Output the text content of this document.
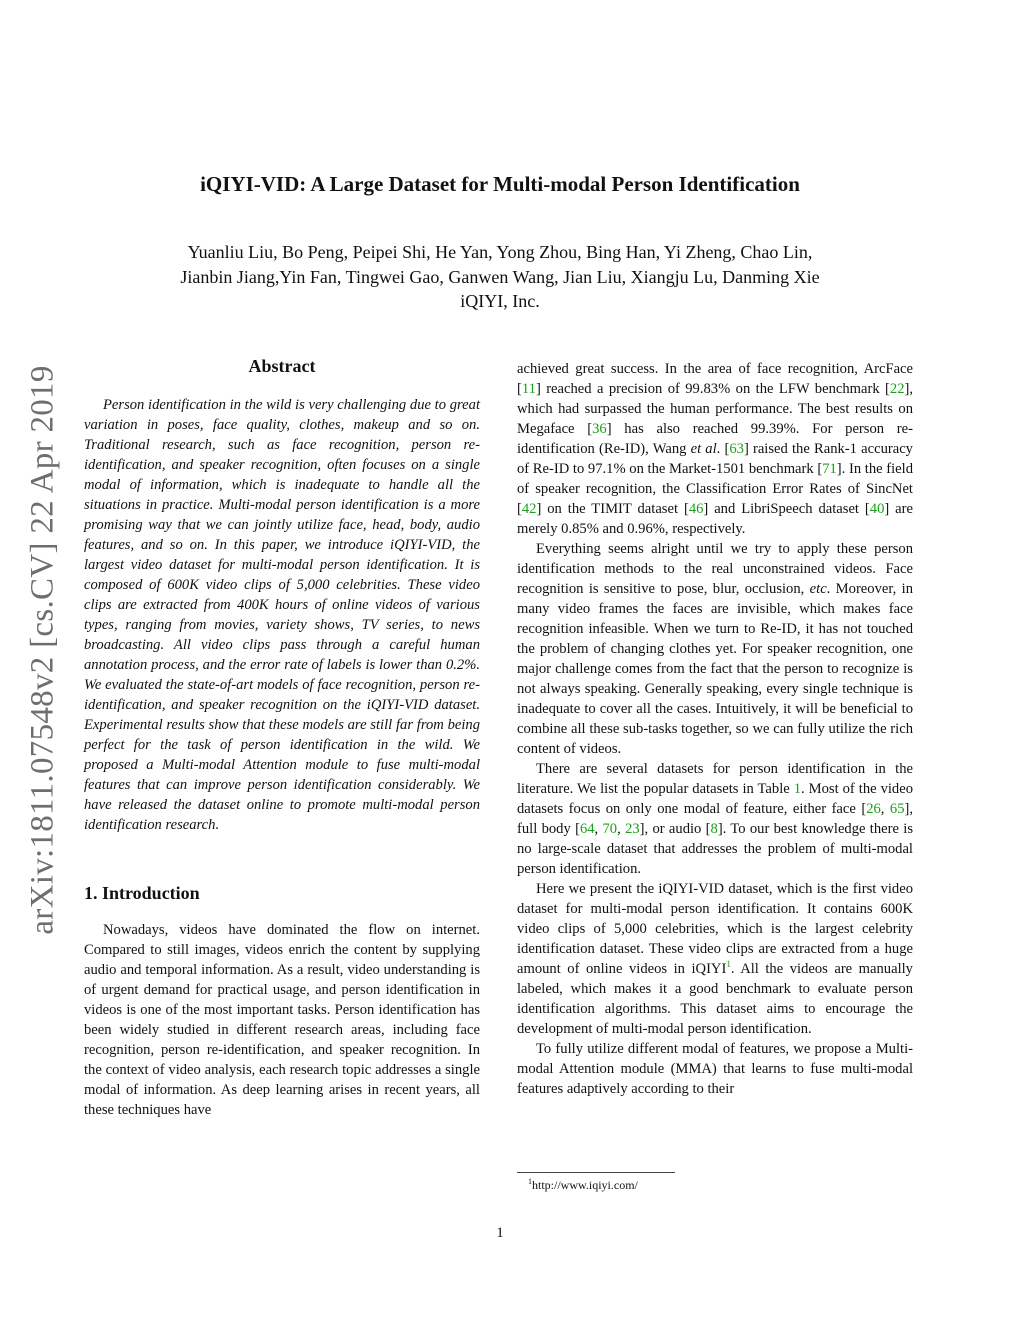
arXiv:1811.07548v2 [cs.CV] 22 Apr 2019
iQIYI-VID: A Large Dataset for Multi-modal Person Identification
Yuanliu Liu, Bo Peng, Peipei Shi, He Yan, Yong Zhou, Bing Han, Yi Zheng, Chao Lin,
Jianbin Jiang,Yin Fan, Tingwei Gao, Ganwen Wang, Jian Liu, Xiangju Lu, Danming Xie
iQIYI, Inc.
Abstract

Person identification in the wild is very challenging due to great variation in poses, face quality, clothes, makeup and so on. Traditional research, such as face recognition, person re-identification, and speaker recognition, often focuses on a single modal of information, which is inadequate to handle all the situations in practice. Multi-modal person identification is a more promising way that we can jointly utilize face, head, body, audio features, and so on. In this paper, we introduce iQIYI-VID, the largest video dataset for multi-modal person identification. It is composed of 600K video clips of 5,000 celebrities. These video clips are extracted from 400K hours of online videos of various types, ranging from movies, variety shows, TV series, to news broadcasting. All video clips pass through a careful human annotation process, and the error rate of labels is lower than 0.2%. We evaluated the state-of-art models of face recognition, person re-identification, and speaker recognition on the iQIYI-VID dataset. Experimental results show that these models are still far from being perfect for the task of person identification in the wild. We proposed a Multi-modal Attention module to fuse multi-modal features that can improve person identification considerably. We have released the dataset online to promote multi-modal person identification research.

1. Introduction

Nowadays, videos have dominated the flow on internet. Compared to still images, videos enrich the content by supplying audio and temporal information. As a result, video understanding is of urgent demand for practical usage, and person identification in videos is one of the most important tasks. Person identification has been widely studied in different research areas, including face recognition, person re-identification, and speaker recognition. In the context of video analysis, each research topic addresses a single modal of information. As deep learning arises in recent years, all these techniques have

achieved great success. In the area of face recognition, ArcFace [11] reached a precision of 99.83% on the LFW benchmark [22], which had surpassed the human performance. The best results on Megaface [36] has also reached 99.39%. For person re-identification (Re-ID), Wang et al. [63] raised the Rank-1 accuracy of Re-ID to 97.1% on the Market-1501 benchmark [71]. In the field of speaker recognition, the Classification Error Rates of SincNet [42] on the TIMIT dataset [46] and LibriSpeech dataset [40] are merely 0.85% and 0.96%, respectively.

Everything seems alright until we try to apply these person identification methods to the real unconstrained videos. Face recognition is sensitive to pose, blur, occlusion, etc. Moreover, in many video frames the faces are invisible, which makes face recognition infeasible. When we turn to Re-ID, it has not touched the problem of changing clothes yet. For speaker recognition, one major challenge comes from the fact that the person to recognize is not always speaking. Generally speaking, every single technique is inadequate to cover all the cases. Intuitively, it will be beneficial to combine all these sub-tasks together, so we can fully utilize the rich content of videos.

There are several datasets for person identification in the literature. We list the popular datasets in Table 1. Most of the video datasets focus on only one modal of feature, either face [26, 65], full body [64, 70, 23], or audio [8]. To our best knowledge there is no large-scale dataset that addresses the problem of multi-modal person identification.

Here we present the iQIYI-VID dataset, which is the first video dataset for multi-modal person identification. It contains 600K video clips of 5,000 celebrities, which is the largest celebrity identification dataset. These video clips are extracted from a huge amount of online videos in iQIYI$^1$. All the videos are manually labeled, which makes it a good benchmark to evaluate person identification algorithms. This dataset aims to encourage the development of multi-modal person identification.

To fully utilize different modal of features, we propose a Multi-modal Attention module (MMA) that learns to fuse multi-modal features adaptively according to their

$^1$http://www.iqiyi.com/
1
